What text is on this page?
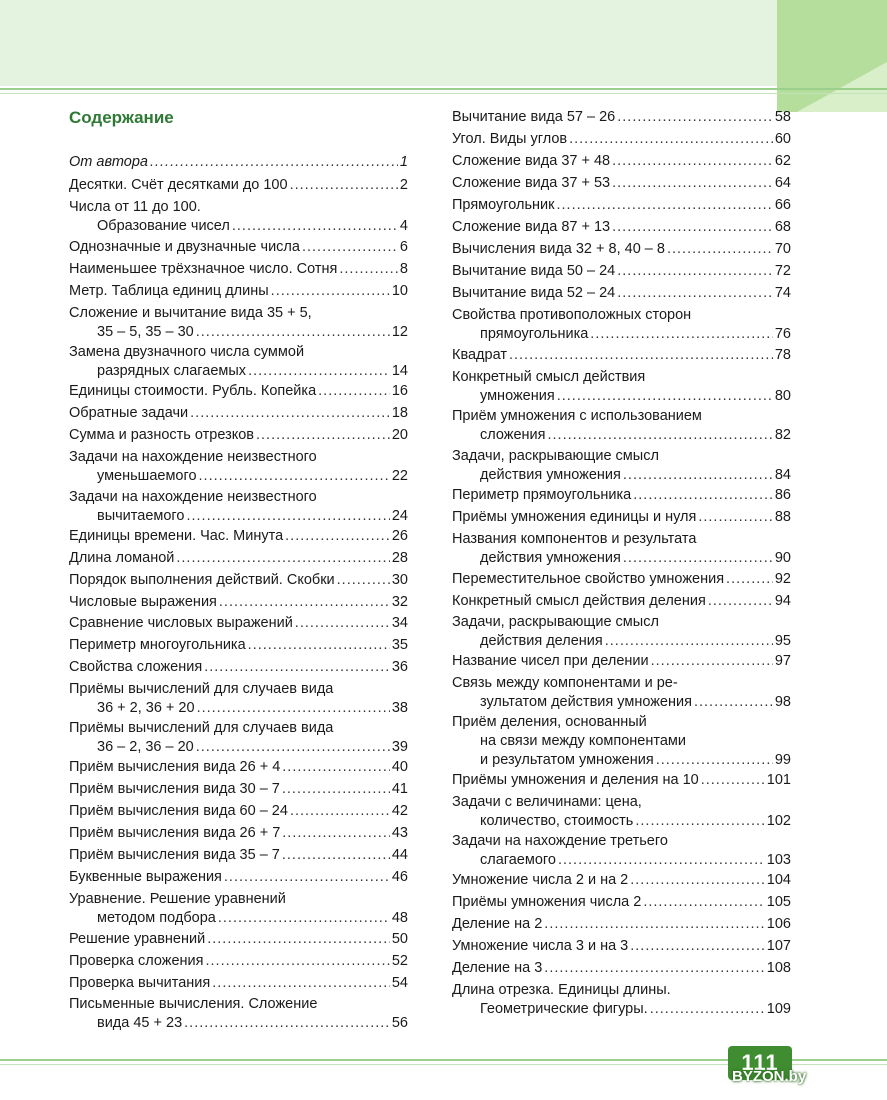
Содержание
От автора .....	1
Десятки. Счёт десятками до 100 .....	2
Числа от 11 до 100.
Образование чисел .....	4
Однозначные и двузначные числа .....	6
Наименьшее трёхзначное число. Сотня .....	8
Метр. Таблица единиц длины .....	10
Сложение и вычитание вида 35 + 5,
35 – 5, 35 – 30 .....	12
Замена двузначного числа суммой
разрядных слагаемых .....	14
Единицы стоимости. Рубль. Копейка .....	16
Обратные задачи .....	18
Сумма и разность отрезков .....	20
Задачи на нахождение неизвестного
уменьшаемого .....	22
Задачи на нахождение неизвестного
вычитаемого .....	24
Единицы времени. Час. Минута .....	26
Длина ломаной .....	28
Порядок выполнения действий. Скобки .....	30
Числовые выражения .....	32
Сравнение числовых выражений .....	34
Периметр многоугольника .....	35
Свойства сложения .....	36
Приёмы вычислений для случаев вида
36 + 2, 36 + 20 .....	38
Приёмы вычислений для случаев вида
36 – 2, 36 – 20 .....	39
Приём вычисления вида 26 + 4 .....	40
Приём вычисления вида 30 – 7 .....	41
Приём вычисления вида 60 – 24 .....	42
Приём вычисления вида 26 + 7 .....	43
Приём вычисления вида 35 – 7 .....	44
Буквенные выражения .....	46
Уравнение. Решение уравнений
методом подбора .....	48
Решение уравнений .....	50
Проверка сложения .....	52
Проверка вычитания .....	54
Письменные вычисления. Сложение
вида 45 + 23 .....	56
Вычитание вида 57 – 26 .....	58
Угол. Виды углов .....	60
Сложение вида 37 + 48 .....	62
Сложение вида 37 + 53 .....	64
Прямоугольник .....	66
Сложение вида 87 + 13 .....	68
Вычисления вида 32 + 8, 40 – 8 .....	70
Вычитание вида 50 – 24 .....	72
Вычитание вида 52 – 24 .....	74
Свойства противоположных сторон
прямоугольника .....	76
Квадрат .....	78
Конкретный смысл действия
умножения .....	80
Приём умножения с использованием
сложения .....	82
Задачи, раскрывающие смысл
действия умножения .....	84
Периметр прямоугольника .....	86
Приёмы умножения единицы и нуля .....	88
Названия компонентов и результата
действия умножения .....	90
Переместительное свойство умножения .....	92
Конкретный смысл действия деления .....	94
Задачи, раскрывающие смысл
действия деления .....	95
Название чисел при делении .....	97
Связь между компонентами и ре-
зультатом действия умножения .....	98
Приём деления, основанный
на связи между компонентами
и результатом умножения .....	99
Приёмы умножения и деления на 10 .....	101
Задачи с величинами: цена,
количество, стоимость .....	102
Задачи на нахождение третьего
слагаемого .....	103
Умножение числа 2 и на 2 .....	104
Приёмы умножения числа 2 .....	105
Деление на 2 .....	106
Умножение числа 3 и на 3 .....	107
Деление на 3 .....	108
Длина отрезка. Единицы длины.
Геометрические фигуры. .....	109
111
BYZON.by
